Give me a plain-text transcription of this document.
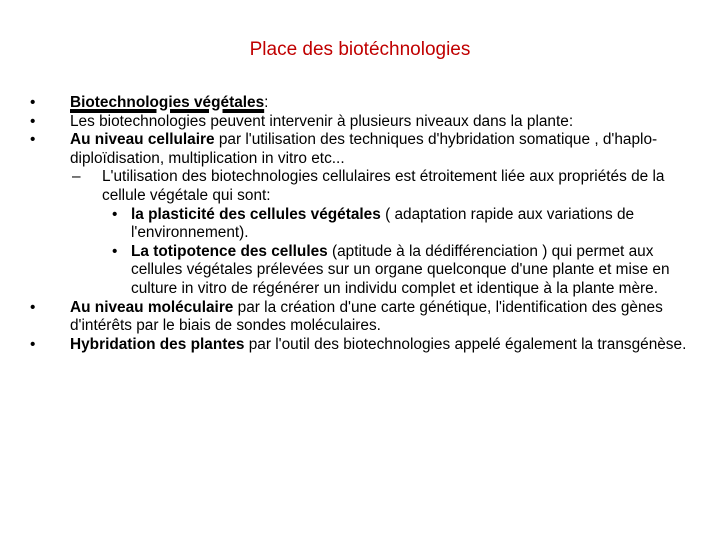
Place des biotéchnologies
•	Biotechnologies végétales:
•	Les biotechnologies peuvent intervenir à plusieurs niveaux dans la plante:
•	Au niveau cellulaire par l'utilisation des techniques d'hybridation somatique , d'haplo-diploïdisation, multiplication in vitro etc...
–	L'utilisation des biotechnologies cellulaires est étroitement liée aux propriétés de la cellule végétale qui sont:
• la plasticité des cellules végétales ( adaptation rapide aux variations de l'environnement).
• La totipotence des cellules (aptitude à la dédifférenciation ) qui permet aux cellules végétales prélevées sur un organe quelconque d'une plante et mise en culture in vitro de régénérer un individu complet et identique à la plante mère.
•	Au niveau moléculaire par la création d'une carte génétique, l'identification des gènes d'intérêts par le biais de sondes moléculaires.
•	Hybridation des plantes par l'outil des biotechnologies appelé également la transgénèse.
